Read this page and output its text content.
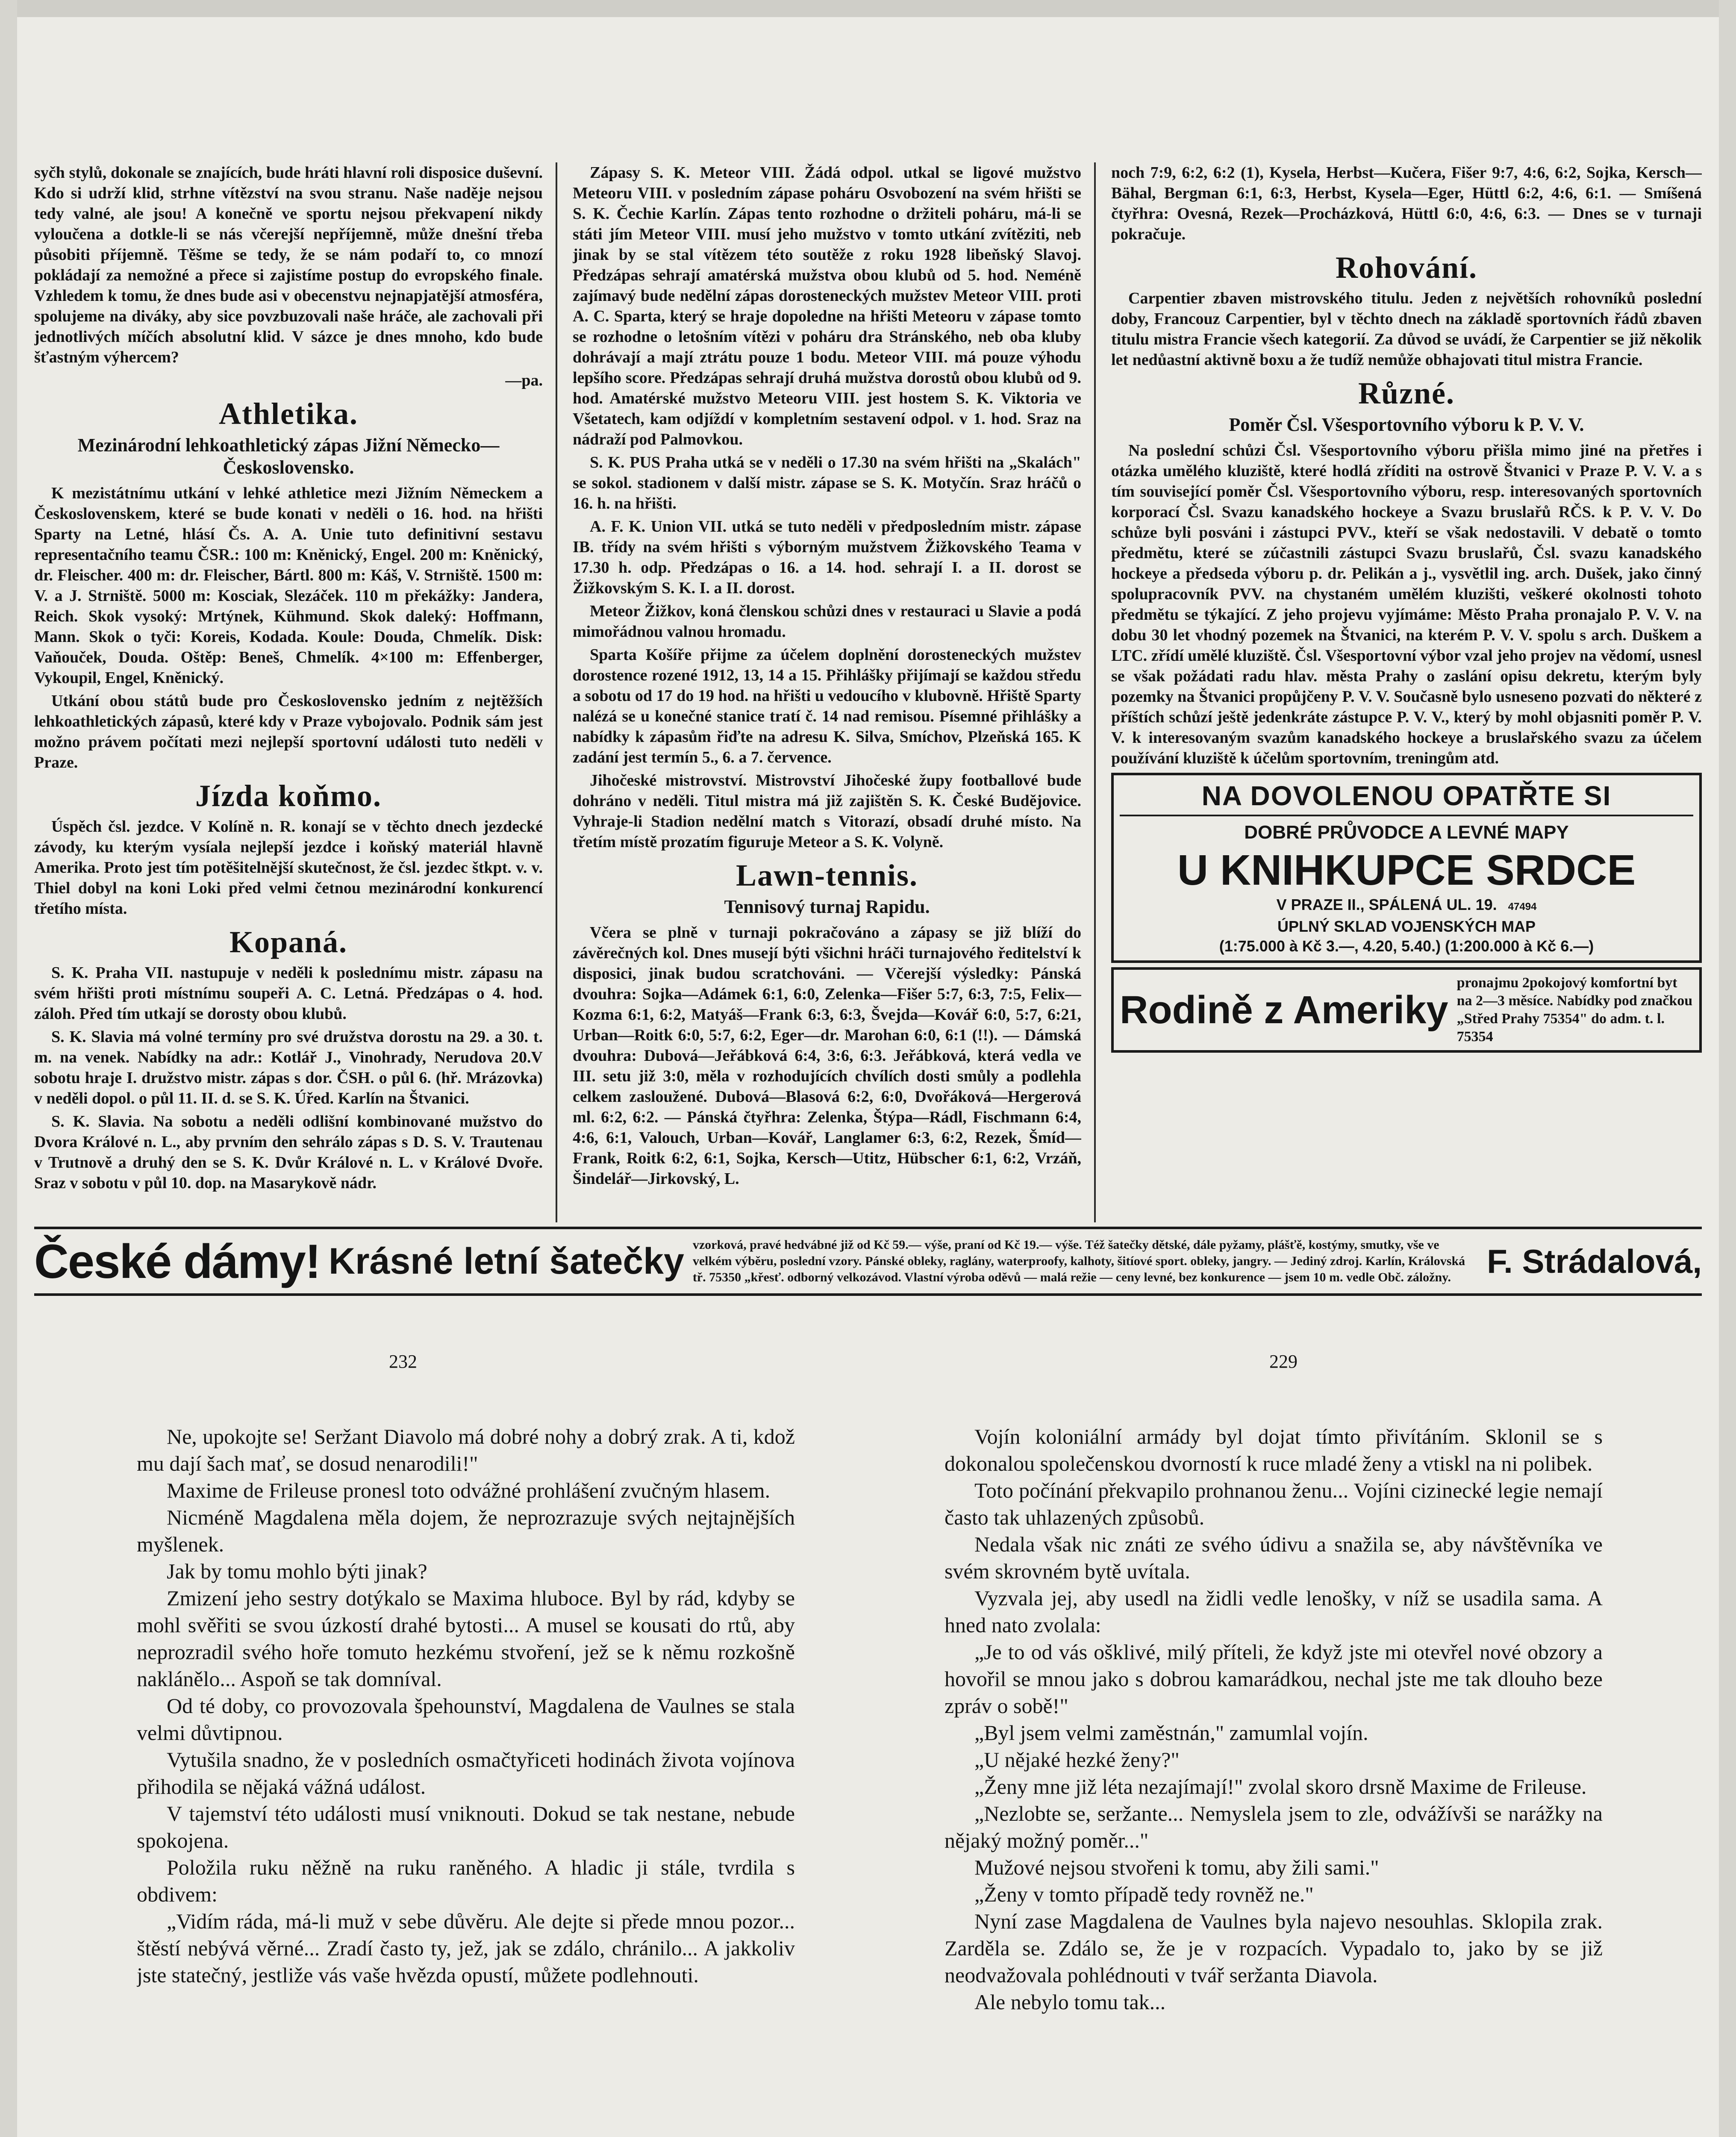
syčh stylů, dokonale se znajících, bude hráti hlavní roli disposice duševní. Kdo si udrží klid, strhne vítězství na svou stranu. Naše naděje nejsou tedy valné, ale jsou! A konečně ve sportu nejsou překvapení nikdy vyloučena a dotkle-li se nás včerejší nepříjemně, může dnešní třeba působiti příjemně. Těšme se tedy, že se nám podaří to, co mnozí pokládají za nemožné a přece si zajistíme postup do evropského finale. Vzhledem k tomu, že dnes bude asi v obecenstvu nejnapjatější atmosféra, spolujeme na diváky, aby sice povzbuzovali naše hráče, ale zachovali při jednotlivých míčích absolutní klid. V sázce je dnes mnoho, kdo bude šťastným výhercem?

—pa.

Athletika.
Mezinárodní lehkoathletický zápas Jižní Německo—Československo.

K mezistátnímu utkání v lehké athletice mezi Jižním Německem a Československem, které se bude konati v neděli o 16. hod. na hřišti Sparty na Letné, hlásí Čs. A. A. Unie tuto definitivní sestavu representačního teamu ČSR.: 100 m: Kněnický, Engel. 200 m: Kněnický, dr. Fleischer. 400 m: dr. Fleischer, Bártl. 800 m: Káš, V. Strniště. 1500 m: V. a J. Strniště. 5000 m: Kosciak, Slezáček. 110 m překážky: Jandera, Reich. Skok vysoký: Mrtýnek, Kühmund. Skok daleký: Hoffmann, Mann. Skok o tyči: Koreis, Kodada. Koule: Douda, Chmelík. Disk: Vaňouček, Douda. Oštěp: Beneš, Chmelík. 4×100 m: Effenberger, Vykoupil, Engel, Kněnický.

Utkání obou států bude pro Československo jedním z nejtěžších lehkoathletických zápasů, které kdy v Praze vybojovalo. Podnik sám jest možno právem počítati mezi nejlepší sportovní události tuto neděli v Praze.

Jízda koňmo.

Úspěch čsl. jezdce. V Kolíně n. R. konají se v těchto dnech jezdecké závody, ku kterým vysíala nejlepší jezdce i koňský materiál hlavně Amerika. Proto jest tím potěšitelnější skutečnost, že čsl. jezdec štkpt. v. v. Thiel dobyl na koni Loki před velmi četnou mezinárodní konkurencí třetího místa.

Kopaná.

S. K. Praha VII. nastupuje v neděli k poslednímu mistr. zápasu na svém hřišti proti místnímu soupeři A. C. Letná. Předzápas o 4. hod. záloh. Před tím utkají se dorosty obou klubů.

S. K. Slavia má volné termíny pro své družstva dorostu na 29. a 30. t. m. na venek. Nabídky na adr.: Kotlář J., Vinohrady, Nerudova 20.V sobotu hraje I. družstvo mistr. zápas s dor. ČSH. o půl 6. (hř. Mrázovka) v neděli dopol. o půl 11. II. d. se S. K. Úřed. Karlín na Štvanici.

S. K. Slavia. Na sobotu a neděli odlišní kombinované mužstvo do Dvora Králové n. L., aby prvním den sehrálo zápas s D. S. V. Trautenau v Trutnově a druhý den se S. K. Dvůr Králové n. L. v Králové Dvoře. Sraz v sobotu v půl 10. dop. na Masarykově nádr.

Zápasy S. K. Meteor VIII. Žádá odpol. utkal se ligové mužstvo Meteoru VIII. v posledním zápase poháru Osvobození na svém hřišti se S. K. Čechie Karlín. Zápas tento rozhodne o držiteli poháru, má-li se státi jím Meteor VIII. musí jeho mužstvo v tomto utkání zvítěziti, neb jinak by se stal vítězem této soutěže z roku 1928 libeňský Slavoj. Předzápas sehrají amatérská mužstva obou klubů od 5. hod. Neméně zajímavý bude nedělní zápas dorosteneckých mužstev Meteor VIII. proti A. C. Sparta, který se hraje dopoledne na hřišti Meteoru v zápase tomto se rozhodne o letošním vítězi v poháru dra Stránského, neb oba kluby dohrávají a mají ztrátu pouze 1 bodu. Meteor VIII. má pouze výhodu lepšího score. Předzápas sehrají druhá mužstva dorostů obou klubů od 9. hod. Amatérské mužstvo Meteoru VIII. jest hostem S. K. Viktoria ve Všetatech, kam odjíždí v kompletním sestavení odpol. v 1. hod. Sraz na nádraží pod Palmovkou.

S. K. PUS Praha utká se v neděli o 17.30 na svém hřišti na „Skalách" se sokol. stadionem v další mistr. zápase se S. K. Motyčín. Sraz hráčů o 16. h. na hřišti.

A. F. K. Union VII. utká se tuto neděli v předposledním mistr. zápase IB. třídy na svém hřišti s výborným mužstvem Žižkovského Teama v 17.30 h. odp. Předzápas o 16. a 14. hod. sehrají I. a II. dorost se Žižkovským S. K. I. a II. dorost.

Meteor Žižkov, koná členskou schůzi dnes v restauraci u Slavie a podá mimořádnou valnou hromadu.

Sparta Košíře přijme za účelem doplnění dorosteneckých mužstev dorostence rozené 1912, 13, 14 a 15. Přihlášky přijímají se každou středu a sobotu od 17 do 19 hod. na hřišti u vedoucího v klubovně. Hřiště Sparty nalézá se u konečné stanice tratí č. 14 nad remisou. Písemné přihlášky a nabídky k zápasům řiďte na adresu K. Silva, Smíchov, Plzeňská 165. K zadání jest termín 5., 6. a 7. července.

Jihočeské mistrovství. Mistrovství Jihočeské župy footballové bude dohráno v neděli. Titul mistra má již zajištěn S. K. České Budějovice. Vyhraje-li Stadion nedělní match s Vitorazí, obsadí druhé místo. Na třetím místě prozatím figuruje Meteor a S. K. Volyně.

Lawn-tennis.
Tennisový turnaj Rapidu.

Včera se plně v turnaji pokračováno a zápasy se již blíží do závěrečných kol. Dnes musejí býti všichni hráči turnajového ředitelství k disposici, jinak budou scratchováni. — Včerejší výsledky: Pánská dvouhra: Sojka—Adámek 6:1, 6:0, Zelenka—Fišer 5:7, 6:3, 7:5, Felix—Kozma 6:1, 6:2, Matyáš—Frank 6:3, 6:3, Švejda—Kovář 6:0, 5:7, 6:21, Urban—Roitk 6:0, 5:7, 6:2, Eger—dr. Marohan 6:0, 6:1 (!!). — Dámská dvouhra: Dubová—Jeřábková 6:4, 3:6, 6:3. Jeřábková, která vedla ve III. setu již 3:0, měla v rozhodujících chvílích dosti smůly a podlehla celkem zasloužené. Dubová—Blasová 6:2, 6:0, Dvořáková—Hergerová ml. 6:2, 6:2. — Pánská čtyřhra: Zelenka, Štýpa—Rádl, Fischmann 6:4, 4:6, 6:1, Valouch, Urban—Kovář, Langlamer 6:3, 6:2, Rezek, Šmíd—Frank, Roitk 6:2, 6:1, Sojka, Kersch—Utitz, Hübscher 6:1, 6:2, Vrzáň, Šindelář—Jirkovský, L.

noch 7:9, 6:2, 6:2 (1), Kysela, Herbst—Kučera, Fišer 9:7, 4:6, 6:2, Sojka, Kersch—Bähal, Bergman 6:1, 6:3, Herbst, Kysela—Eger, Hüttl 6:2, 4:6, 6:1. — Smíšená čtyřhra: Ovesná, Rezek—Procházková, Hüttl 6:0, 4:6, 6:3. — Dnes se v turnaji pokračuje.

Rohování.

Carpentier zbaven mistrovského titulu. Jeden z největších rohovníků poslední doby, Francouz Carpentier, byl v těchto dnech na základě sportovních řádů zbaven titulu mistra Francie všech kategorií. Za důvod se uvádí, že Carpentier se již několik let nedůastní aktivně boxu a že tudíž nemůže obhajovati titul mistra Francie.

Různé.
Poměr Čsl. Všesportovního výboru k P. V. V.

Na poslední schůzi Čsl. Všesportovního výboru přišla mimo jiné na přetřes i otázka umělého kluziště, které hodlá zříditi na ostrově Štvanici v Praze P. V. V. a s tím související poměr Čsl. Všesportovního výboru, resp. interesovaných sportovních korporací Čsl. Svazu kanadského hockeye a Svazu bruslařů RČS. k P. V. V. Do schůze byli posváni i zástupci PVV., kteří se však nedostavili. V debatě o tomto předmětu, které se zúčastnili zástupci Svazu bruslařů, Čsl. svazu kanadského hockeye a předseda výboru p. dr. Pelikán a j., vysvětlil ing. arch. Dušek, jako činný spolupracovník PVV. na chystaném umělém kluzišti, veškeré okolnosti tohoto předmětu se týkající. Z jeho projevu vyjímáme: Město Praha pronajalo P. V. V. na dobu 30 let vhodný pozemek na Štvanici, na kterém P. V. V. spolu s arch. Duškem a LTC. zřídí umělé kluziště. Čsl. Všesportovní výbor vzal jeho projev na vědomí, usnesl se však požádati radu hlav. města Prahy o zaslání opisu dekretu, kterým byly pozemky na Štvanici propůjčeny P. V. V. Současně bylo usneseno pozvati do některé z příštích schůzí ještě jedenkráte zástupce P. V. V., který by mohl objasniti poměr P. V. V. k interesovaným svazům kanadského hockeye a bruslařského svazu za účelem používání kluziště k účelům sportovním, treningům atd.

NA DOVOLENOU OPATŘTE SI
DOBRÉ PRŮVODCE A LEVNÉ MAPY
U KNIHKUPCE SRDCE
V PRAZE II., SPÁLENÁ UL. 19. 47494
ÚPLNÝ SKLAD VOJENSKÝCH MAP
(1:75.000 à Kč 3.—, 4.20, 5.40.) (1:200.000 à Kč 6.—)
Rodině z Ameriky
pronajmu 2pokojový komfortní byt na 2—3 měsíce. Nabídky pod značkou „Střed Prahy 75354" do adm. t. l. 75354
České dámy! Krásné letní šatečky vzorková, pravé hedvábné již od Kč 59.— výše, praní od Kč 19.— výše. Též šatečky dětské, dále pyžamy, plášťě, kostýmy, smutky, vše ve velkém výběru, poslední vzory. Pánské obleky, raglány, waterproofy, kalhoty, šitíové sport. obleky, jangry. — Jediný zdroj. Karlín, Královská tř. 75350 „křesť. odborný velkozávod. Vlastní výroba oděvů — malá režie — ceny levné, bez konkurence — jsem 10 m. vedle Obč. záložny.	F. Strádalová,
232	229

Ne, upokojte se! Seržant Diavolo má dobré nohy a dobrý zrak. A ti, kdož mu dají šach mať, se dosud nenarodili!"

Maxime de Frileuse pronesl toto odvážné prohlášení zvučným hlasem.

Nicméně Magdalena měla dojem, že neprozrazuje svých nejtajnějších myšlenek.

Jak by tomu mohlo býti jinak?

Zmizení jeho sestry dotýkalo se Maxima hluboce. Byl by rád, kdyby se mohl svěřiti se svou úzkostí drahé bytosti... A musel se kousati do rtů, aby neprozradil svého hoře tomuto hezkému stvoření, jež se k němu rozkošně naklánělo... Aspoň se tak domníval.

Od té doby, co provozovala špehounství, Magdalena de Vaulnes se stala velmi důvtipnou.

Vytušila snadno, že v posledních osmačtyřiceti hodinách života vojínova přihodila se nějaká vážná událost.

V tajemství této události musí vniknouti. Dokud se tak nestane, nebude spokojena.

Položila ruku něžně na ruku raněného. A hladic ji stále, tvrdila s obdivem:

„Vidím ráda, má-li muž v sebe důvěru. Ale dejte si přede mnou pozor... štěstí nebývá věrné... Zradí často ty, jež, jak se zdálo, chránilo... A jakkoliv jste statečný, jestliže vás vaše hvězda opustí, můžete podlehnouti.

Vojín koloniální armády byl dojat tímto přivítáním. Sklonil se s dokonalou společenskou dvorností k ruce mladé ženy a vtiskl na ni polibek.

Toto počínání překvapilo prohnanou ženu... Vojíni cizinecké legie nemají často tak uhlazených způsobů.

Nedala však nic znáti ze svého údivu a snažila se, aby návštěvníka ve svém skrovném bytě uvítala.

Vyzvala jej, aby usedl na židli vedle lenošky, v níž se usadila sama. A hned nato zvolala:

„Je to od vás ošklivé, milý příteli, že když jste mi otevřel nové obzory a hovořil se mnou jako s dobrou kamarádkou, nechal jste me tak dlouho beze zpráv o sobě!"

„Byl jsem velmi zaměstnán," zamumlal vojín.

„U nějaké hezké ženy?"

„Ženy mne již léta nezajímají!" zvolal skoro drsně Maxime de Frileuse.

„Nezlobte se, seržante... Nemyslela jsem to zle, odvážívši se narážky na nějaký možný poměr..."

Mužové nejsou stvořeni k tomu, aby žili sami."

„Ženy v tomto případě tedy rovněž ne."

Nyní zase Magdalena de Vaulnes byla najevo nesouhlas. Sklopila zrak. Zarděla se. Zdálo se, že je v rozpacích. Vypadalo to, jako by se již neodvažovala pohlédnouti v tvář seržanta Diavola.

Ale nebylo tomu tak...
